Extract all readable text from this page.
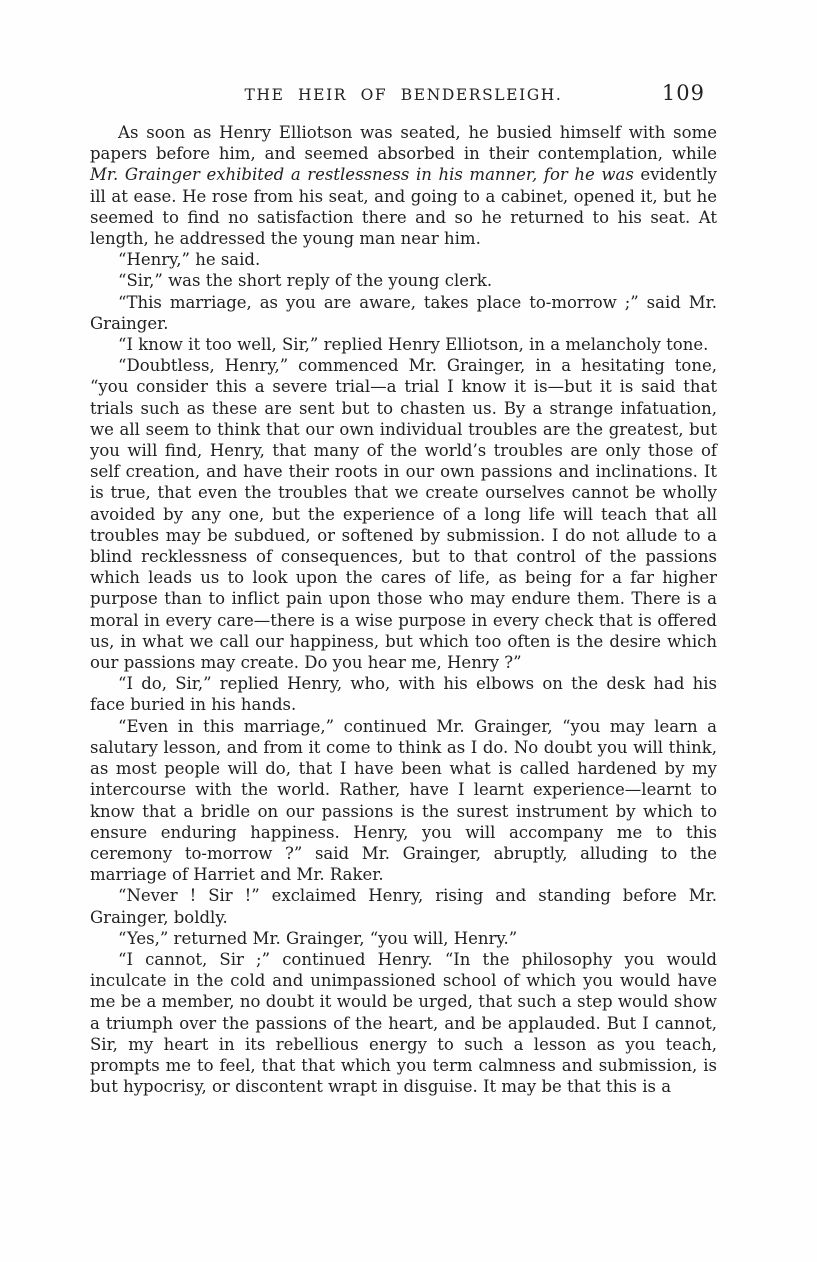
THE HEIR OF BENDERSLEIGH.	109

As soon as Henry Elliotson was seated, he busied himself with some papers before him, and seemed absorbed in their contemplation, while Mr. Grainger exhibited a restlessness in his manner, for he was evidently ill at ease. He rose from his seat, and going to a cabinet, opened it, but he seemed to find no satisfaction there and so he returned to his seat. At length, he addressed the young man near him.

“Henry,” he said.

“Sir,” was the short reply of the young clerk.

“This marriage, as you are aware, takes place to-morrow ;” said Mr. Grainger.

“I know it too well, Sir,” replied Henry Elliotson, in a melancholy tone.

“Doubtless, Henry,” commenced Mr. Grainger, in a hesitating tone, “you consider this a severe trial—a trial I know it is—but it is said that trials such as these are sent but to chasten us. By a strange infatuation, we all seem to think that our own individual troubles are the greatest, but you will find, Henry, that many of the world’s troubles are only those of self creation, and have their roots in our own passions and inclinations. It is true, that even the troubles that we create ourselves cannot be wholly avoided by any one, but the experience of a long life will teach that all troubles may be subdued, or softened by submission. I do not allude to a blind recklessness of consequences, but to that control of the passions which leads us to look upon the cares of life, as being for a far higher purpose than to inflict pain upon those who may endure them. There is a moral in every care—there is a wise purpose in every check that is offered us, in what we call our happiness, but which too often is the desire which our passions may create. Do you hear me, Henry ?”

“I do, Sir,” replied Henry, who, with his elbows on the desk had his face buried in his hands.

“Even in this marriage,” continued Mr. Grainger, “you may learn a salutary lesson, and from it come to think as I do. No doubt you will think, as most people will do, that I have been what is called hardened by my intercourse with the world. Rather, have I learnt experience—learnt to know that a bridle on our passions is the surest instrument by which to ensure enduring happiness. Henry, you will accompany me to this ceremony to-morrow ?” said Mr. Grainger, abruptly, alluding to the marriage of Harriet and Mr. Raker.

“Never ! Sir !” exclaimed Henry, rising and standing before Mr. Grainger, boldly.

“Yes,” returned Mr. Grainger, “you will, Henry.”

“I cannot, Sir ;” continued Henry. “In the philosophy you would inculcate in the cold and unimpassioned school of which you would have me be a member, no doubt it would be urged, that such a step would show a triumph over the passions of the heart, and be applauded. But I cannot, Sir, my heart in its rebellious energy to such a lesson as you teach, prompts me to feel, that that which you term calmness and submission, is but hypocrisy, or discontent wrapt in disguise. It may be that this is a
